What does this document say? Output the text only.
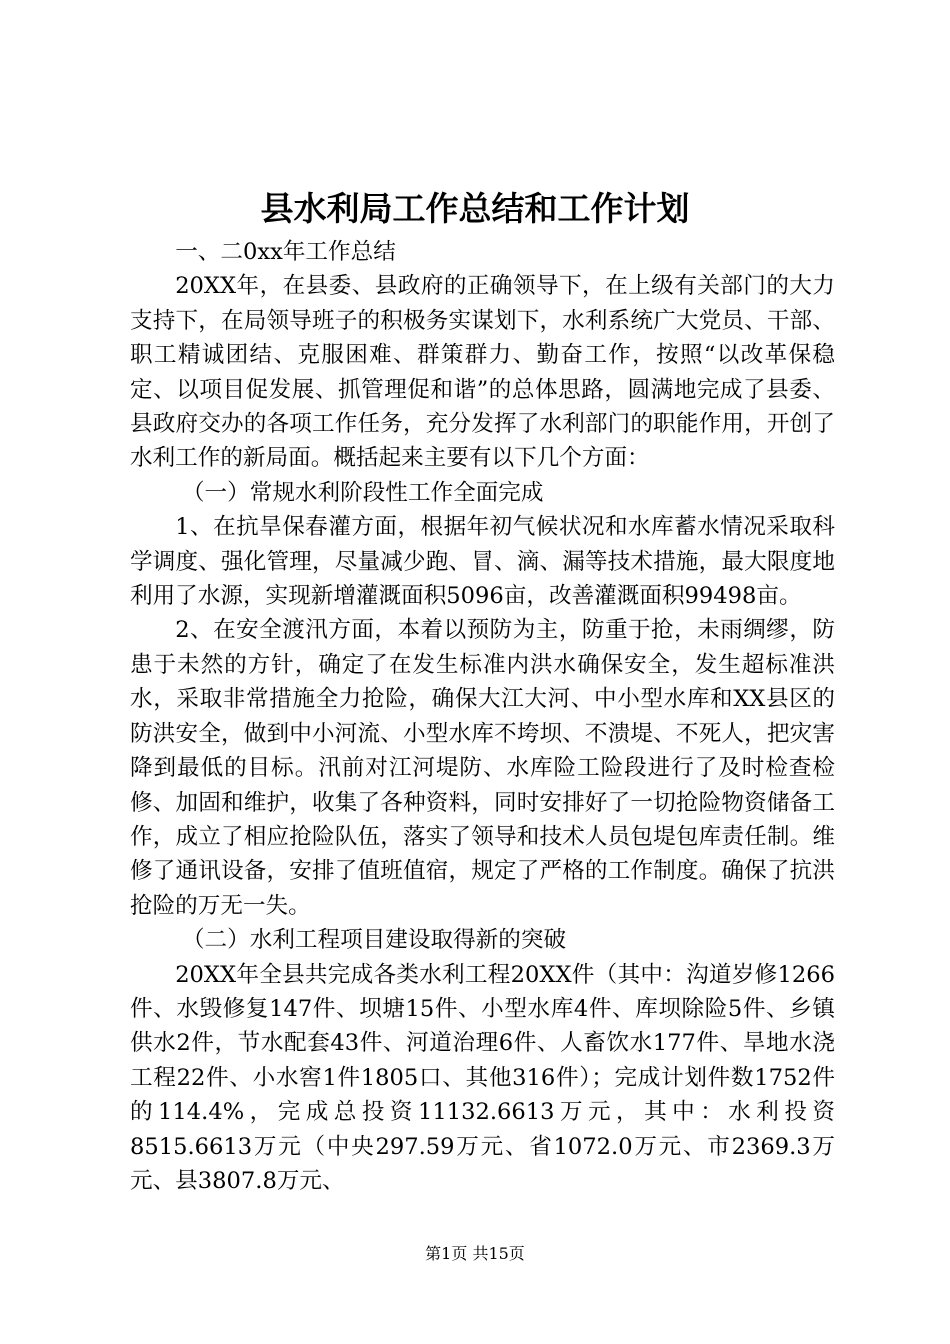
县水利局工作总结和工作计划

一、二0xx年工作总结

20XX年，在县委、县政府的正确领导下，在上级有关部门的大力支持下，在局领导班子的积极务实谋划下，水利系统广大党员、干部、职工精诚团结、克服困难、群策群力、勤奋工作，按照“以改革保稳定、以项目促发展、抓管理促和谐”的总体思路，圆满地完成了县委、县政府交办的各项工作任务，充分发挥了水利部门的职能作用，开创了水利工作的新局面。概括起来主要有以下几个方面：

（一）常规水利阶段性工作全面完成

1、在抗旱保春灌方面，根据年初气候状况和水库蓄水情况采取科学调度、强化管理，尽量减少跑、冒、滴、漏等技术措施，最大限度地利用了水源，实现新增灌溉面积5096亩，改善灌溉面积99498亩。

2、在安全渡汛方面，本着以预防为主，防重于抢，未雨绸缪，防患于未然的方针，确定了在发生标准内洪水确保安全，发生超标准洪水，采取非常措施全力抢险，确保大江大河、中小型水库和XX县区的防洪安全，做到中小河流、小型水库不垮坝、不溃堤、不死人，把灾害降到最低的目标。汛前对江河堤防、水库险工险段进行了及时检查检修、加固和维护，收集了各种资料，同时安排好了一切抢险物资储备工作，成立了相应抢险队伍，落实了领导和技术人员包堤包库责任制。维修了通讯设备，安排了值班值宿，规定了严格的工作制度。确保了抗洪抢险的万无一失。

（二）水利工程项目建设取得新的突破

20XX年全县共完成各类水利工程20XX件（其中：沟道岁修1266件、水毁修复147件、坝塘15件、小型水库4件、库坝除险5件、乡镇供水2件，节水配套43件、河道治理6件、人畜饮水177件、旱地水浇工程22件、小水窖1件1805口、其他316件）；完成计划件数1752件的114.4%，完成总投资11132.6613万元，其中：水利投资8515.6613万元（中央297.59万元、省1072.0万元、市2369.3万元、县3807.8万元、

第1页 共15页
